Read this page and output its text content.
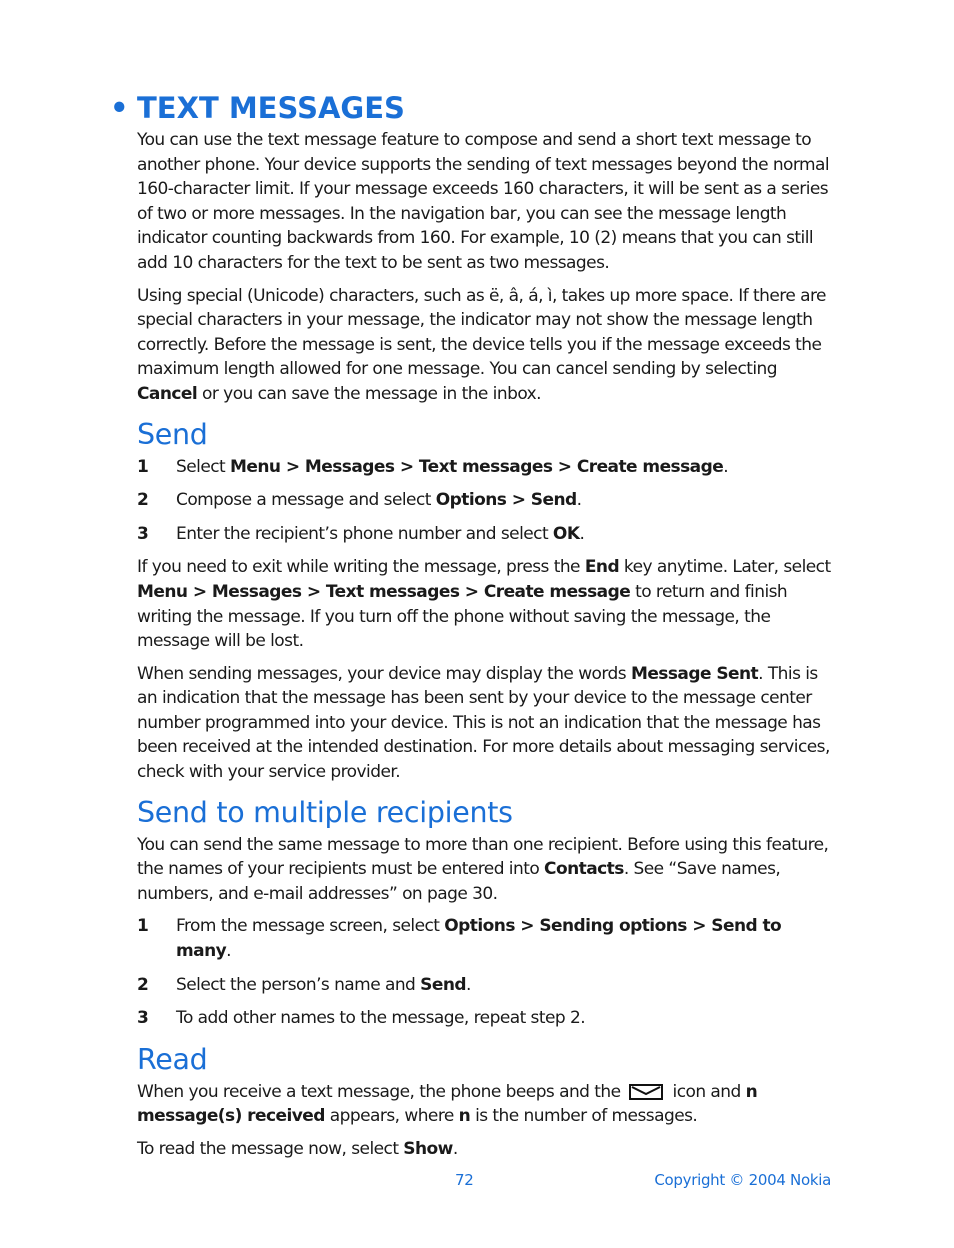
• TEXT MESSAGES

You can use the text message feature to compose and send a short text message to another phone. Your device supports the sending of text messages beyond the normal 160-character limit. If your message exceeds 160 characters, it will be sent as a series of two or more messages. In the navigation bar, you can see the message length indicator counting backwards from 160. For example, 10 (2) means that you can still add 10 characters for the text to be sent as two messages.

Using special (Unicode) characters, such as ë, â, á, ì, takes up more space. If there are special characters in your message, the indicator may not show the message length correctly. Before the message is sent, the device tells you if the message exceeds the maximum length allowed for one message. You can cancel sending by selecting Cancel or you can save the message in the inbox.

Send
1 Select Menu > Messages > Text messages > Create message.
2 Compose a message and select Options > Send.
3 Enter the recipient’s phone number and select OK.

If you need to exit while writing the message, press the End key anytime. Later, select Menu > Messages > Text messages > Create message to return and finish writing the message. If you turn off the phone without saving the message, the message will be lost.

When sending messages, your device may display the words Message Sent. This is an indication that the message has been sent by your device to the message center number programmed into your device. This is not an indication that the message has been received at the intended destination. For more details about messaging services, check with your service provider.

Send to multiple recipients

You can send the same message to more than one recipient. Before using this feature, the names of your recipients must be entered into Contacts. See “Save names, numbers, and e-mail addresses” on page 30.

1 From the message screen, select Options > Sending options > Send to many.
2 Select the person’s name and Send.
3 To add other names to the message, repeat step 2.
Read

When you receive a text message, the phone beeps and the	icon and n message(s) received appears, where n is the number of messages.

To read the message now, select Show.

72	Copyright © 2004 Nokia
